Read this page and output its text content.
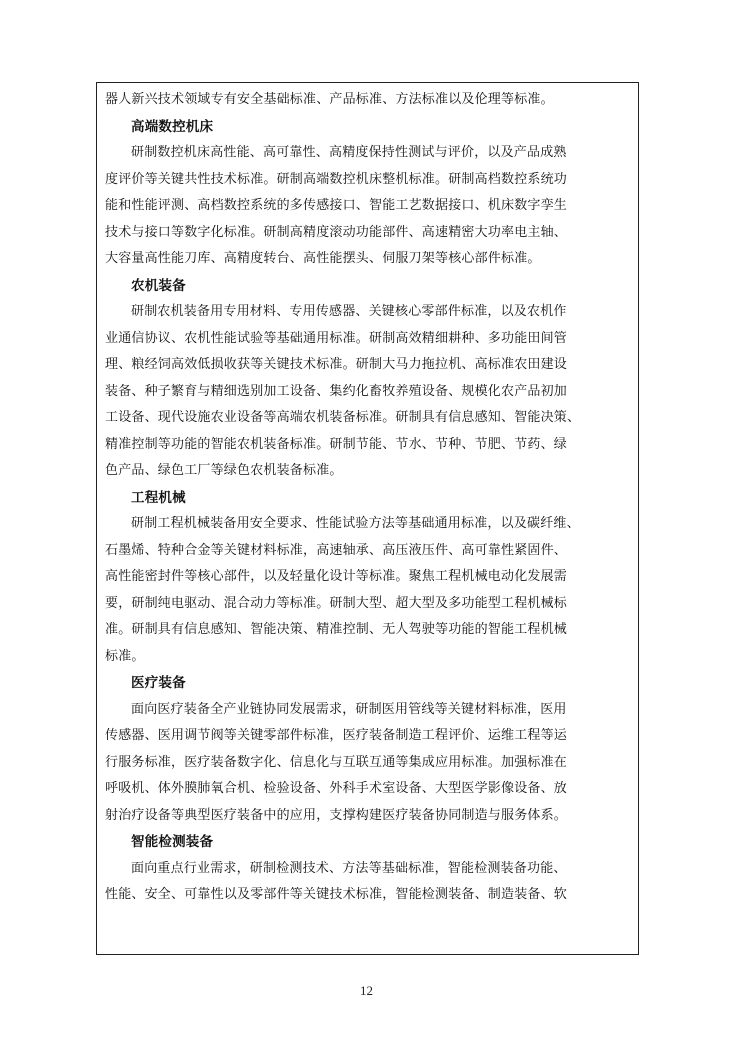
器人新兴技术领域专有安全基础标准、产品标准、方法标准以及伦理等标准。
高端数控机床
研制数控机床高性能、高可靠性、高精度保持性测试与评价，以及产品成熟
度评价等关键共性技术标准。研制高端数控机床整机标准。研制高档数控系统功
能和性能评测、高档数控系统的多传感接口、智能工艺数据接口、机床数字孪生
技术与接口等数字化标准。研制高精度滚动功能部件、高速精密大功率电主轴、
大容量高性能刀库、高精度转台、高性能摆头、伺服刀架等核心部件标准。
农机装备
研制农机装备用专用材料、专用传感器、关键核心零部件标准，以及农机作
业通信协议、农机性能试验等基础通用标准。研制高效精细耕种、多功能田间管
理、粮经饲高效低损收获等关键技术标准。研制大马力拖拉机、高标准农田建设
装备、种子繁育与精细选别加工设备、集约化畜牧养殖设备、规模化农产品初加
工设备、现代设施农业设备等高端农机装备标准。研制具有信息感知、智能决策、
精准控制等功能的智能农机装备标准。研制节能、节水、节种、节肥、节药、绿
色产品、绿色工厂等绿色农机装备标准。
工程机械
研制工程机械装备用安全要求、性能试验方法等基础通用标准，以及碳纤维、
石墨烯、特种合金等关键材料标准，高速轴承、高压液压件、高可靠性紧固件、
高性能密封件等核心部件，以及轻量化设计等标准。聚焦工程机械电动化发展需
要，研制纯电驱动、混合动力等标准。研制大型、超大型及多功能型工程机械标
准。研制具有信息感知、智能决策、精准控制、无人驾驶等功能的智能工程机械
标准。
医疗装备
面向医疗装备全产业链协同发展需求，研制医用管线等关键材料标准，医用
传感器、医用调节阀等关键零部件标准，医疗装备制造工程评价、运维工程等运
行服务标准，医疗装备数字化、信息化与互联互通等集成应用标准。加强标准在
呼吸机、体外膜肺氧合机、检验设备、外科手术室设备、大型医学影像设备、放
射治疗设备等典型医疗装备中的应用，支撑构建医疗装备协同制造与服务体系。
智能检测装备
面向重点行业需求，研制检测技术、方法等基础标准，智能检测装备功能、
性能、安全、可靠性以及零部件等关键技术标准，智能检测装备、制造装备、软
12
